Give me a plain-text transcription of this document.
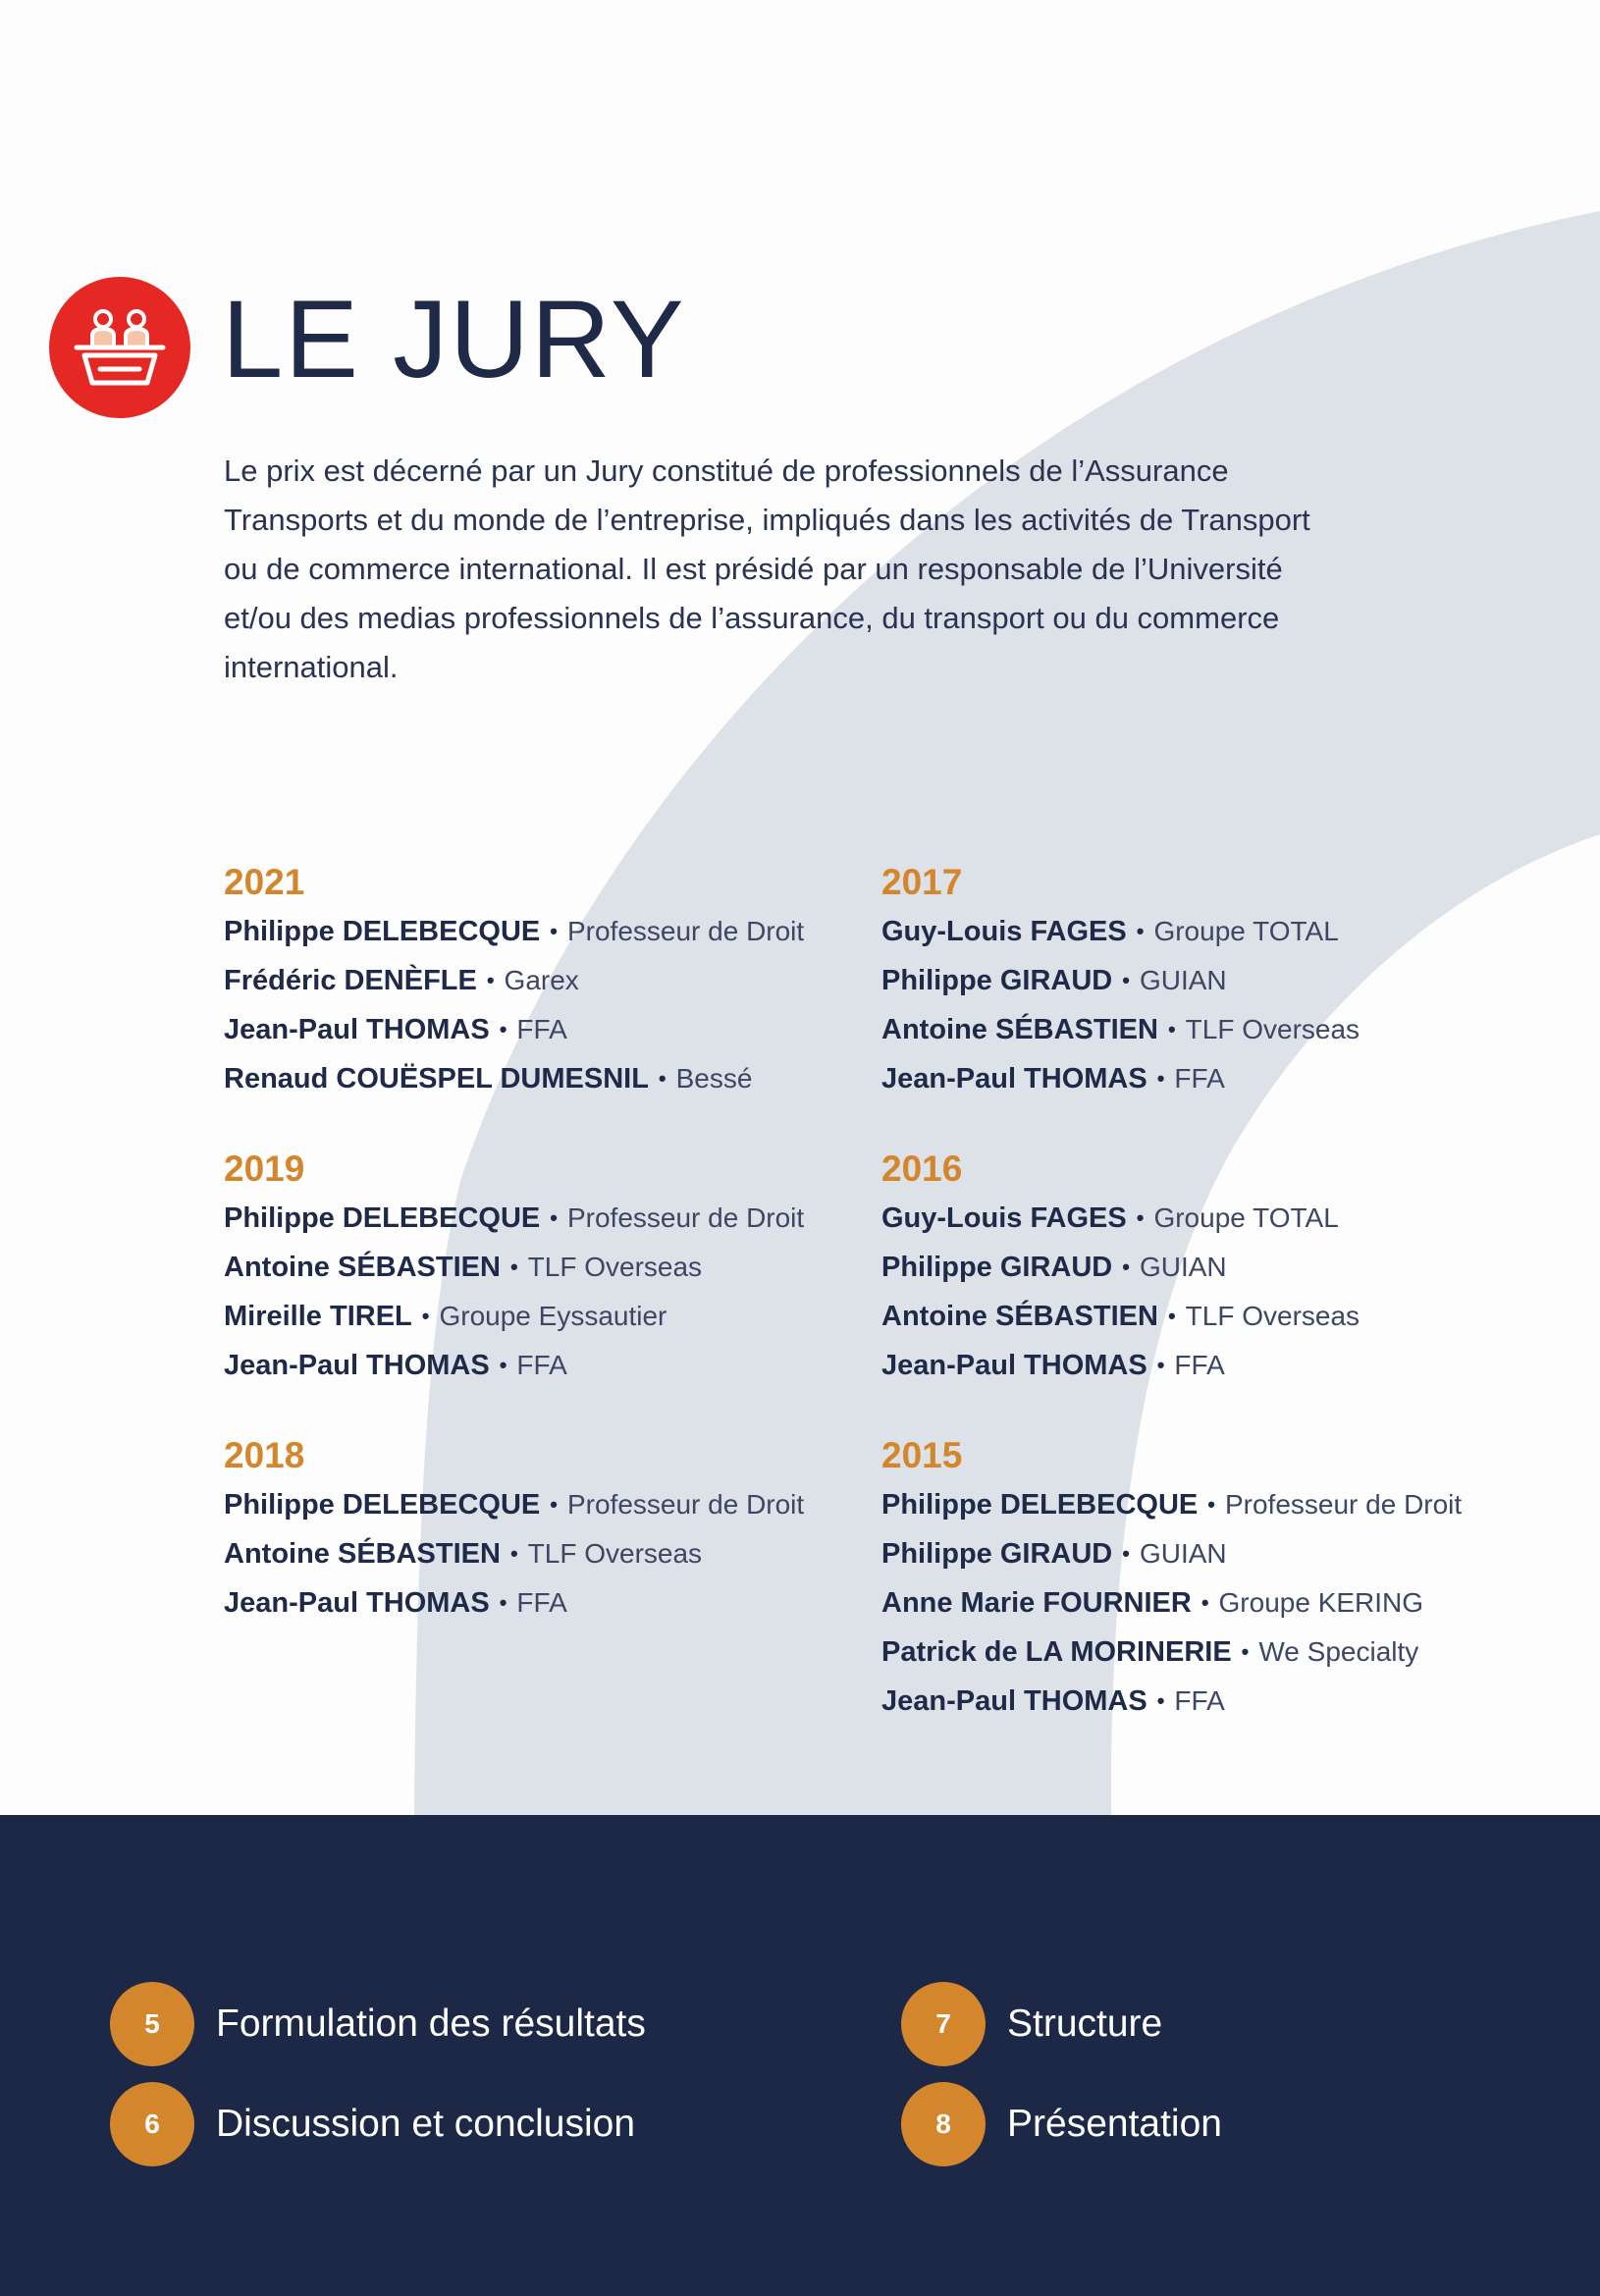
LE JURY

Le prix est décerné par un Jury constitué de professionnels de l’Assurance Transports et du monde de l’entreprise, impliqués dans les activités de Transport ou de commerce international. Il est présidé par un responsable de l’Université et/ou des medias professionnels de l’assurance, du transport ou du commerce international.

2021
Philippe DELEBECQUE • Professeur de Droit
Frédéric DENÈFLE • Garex
Jean-Paul THOMAS • FFA
Renaud COUËSPEL DUMESNIL • Bessé
2019
Philippe DELEBECQUE • Professeur de Droit
Antoine SÉBASTIEN • TLF Overseas
Mireille TIREL • Groupe Eyssautier
Jean-Paul THOMAS • FFA
2018
Philippe DELEBECQUE • Professeur de Droit
Antoine SÉBASTIEN • TLF Overseas
Jean-Paul THOMAS • FFA
2017
Guy-Louis FAGES • Groupe TOTAL
Philippe GIRAUD • GUIAN
Antoine SÉBASTIEN • TLF Overseas
Jean-Paul THOMAS • FFA
2016
Guy-Louis FAGES • Groupe TOTAL
Philippe GIRAUD • GUIAN
Antoine SÉBASTIEN • TLF Overseas
Jean-Paul THOMAS • FFA
2015
Philippe DELEBECQUE • Professeur de Droit
Philippe GIRAUD • GUIAN
Anne Marie FOURNIER • Groupe KERING
Patrick de LA MORINERIE • We Specialty
Jean-Paul THOMAS • FFA
5	Formulation des résultats
6	Discussion et conclusion
7	Structure
8	Présentation
